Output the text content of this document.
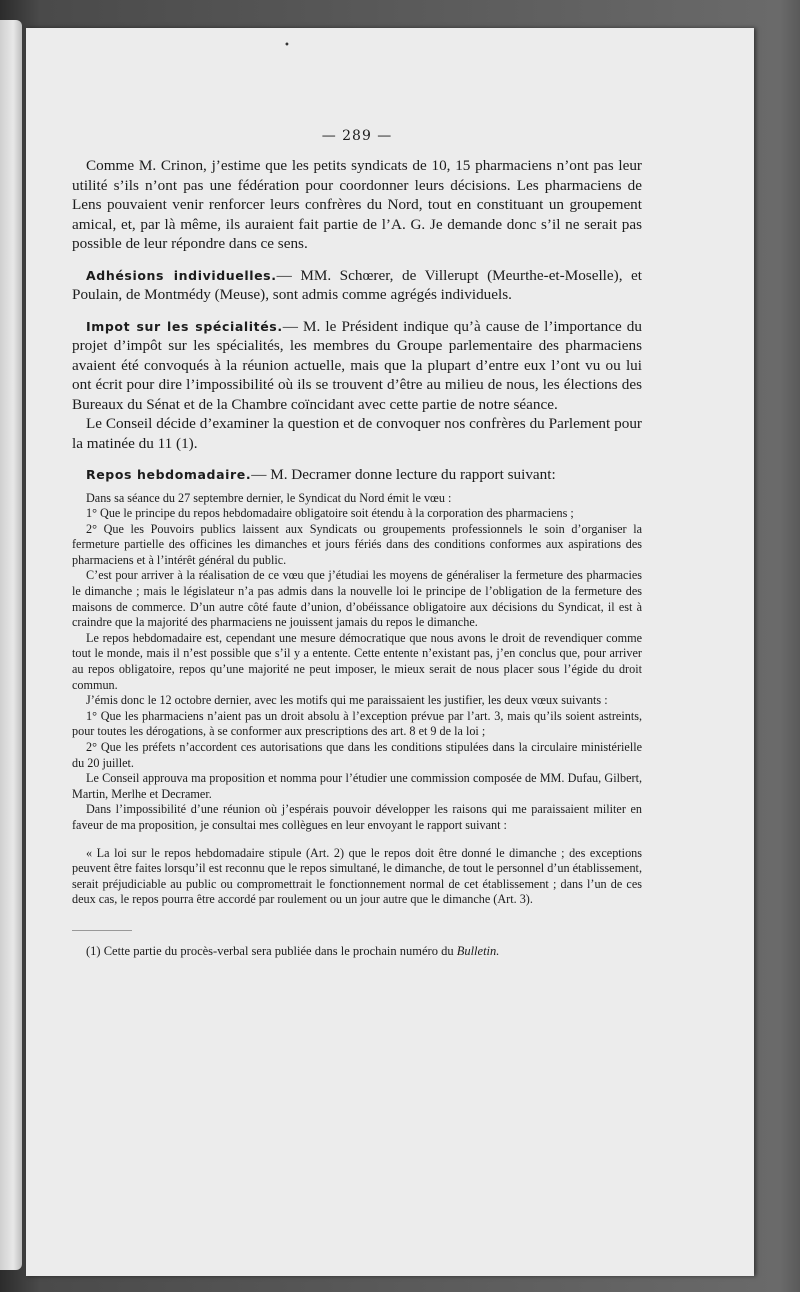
•
— 289 —

Comme M. Crinon, j’estime que les petits syndicats de 10, 15 pharmaciens n’ont pas leur utilité s’ils n’ont pas une fédération pour coordonner leurs décisions. Les pharmaciens de Lens pouvaient venir renforcer leurs confrères du Nord, tout en constituant un groupement amical, et, par là même, ils auraient fait partie de l’A. G. Je demande donc s’il ne serait pas possible de leur répondre dans ce sens.

Adhésions individuelles.— MM. Schœrer, de Villerupt (Meurthe-et-Moselle), et Poulain, de Montmédy (Meuse), sont admis comme agrégés individuels.

Impot sur les spécialités.— M. le Président indique qu’à cause de l’importance du projet d’impôt sur les spécialités, les membres du Groupe parlementaire des pharmaciens avaient été convoqués à la réunion actuelle, mais que la plupart d’entre eux l’ont vu ou lui ont écrit pour dire l’impossibilité où ils se trouvent d’être au milieu de nous, les élections des Bureaux du Sénat et de la Chambre coïncidant avec cette partie de notre séance.

Le Conseil décide d’examiner la question et de convoquer nos confrères du Parlement pour la matinée du 11 (1).

Repos hebdomadaire.— M. Decramer donne lecture du rapport suivant:

Dans sa séance du 27 septembre dernier, le Syndicat du Nord émit le vœu :

1° Que le principe du repos hebdomadaire obligatoire soit étendu à la corporation des pharmaciens ;

2° Que les Pouvoirs publics laissent aux Syndicats ou groupements professionnels le soin d’organiser la fermeture partielle des officines les dimanches et jours fériés dans des conditions conformes aux aspirations des pharmaciens et à l’intérêt général du public.

C’est pour arriver à la réalisation de ce vœu que j’étudiai les moyens de généraliser la fermeture des pharmacies le dimanche ; mais le législateur n’a pas admis dans la nouvelle loi le principe de l’obligation de la fermeture des maisons de commerce. D’un autre côté faute d’union, d’obéissance obligatoire aux décisions du Syndicat, il est à craindre que la majorité des pharmaciens ne jouissent jamais du repos le dimanche.

Le repos hebdomadaire est, cependant une mesure démocratique que nous avons le droit de revendiquer comme tout le monde, mais il n’est possible que s’il y a entente. Cette entente n’existant pas, j’en conclus que, pour arriver au repos obligatoire, repos qu’une majorité ne peut imposer, le mieux serait de nous placer sous l’égide du droit commun.

J’émis donc le 12 octobre dernier, avec les motifs qui me paraissaient les justifier, les deux vœux suivants :

1° Que les pharmaciens n’aient pas un droit absolu à l’exception prévue par l’art. 3, mais qu’ils soient astreints, pour toutes les dérogations, à se conformer aux prescriptions des art. 8 et 9 de la loi ;

2° Que les préfets n’accordent ces autorisations que dans les conditions stipulées dans la circulaire ministérielle du 20 juillet.

Le Conseil approuva ma proposition et nomma pour l’étudier une commission composée de MM. Dufau, Gilbert, Martin, Merlhe et Decramer.

Dans l’impossibilité d’une réunion où j’espérais pouvoir développer les raisons qui me paraissaient militer en faveur de ma proposition, je consultai mes collègues en leur envoyant le rapport suivant :

« La loi sur le repos hebdomadaire stipule (Art. 2) que le repos doit être donné le dimanche ; des exceptions peuvent être faites lorsqu’il est reconnu que le repos simultané, le dimanche, de tout le personnel d’un établissement, serait préjudiciable au public ou compromettrait le fonctionnement normal de cet établissement ; dans l’un de ces deux cas, le repos pourra être accordé par roulement ou un jour autre que le dimanche (Art. 3).

(1) Cette partie du procès-verbal sera publiée dans le prochain numéro du Bulletin.
